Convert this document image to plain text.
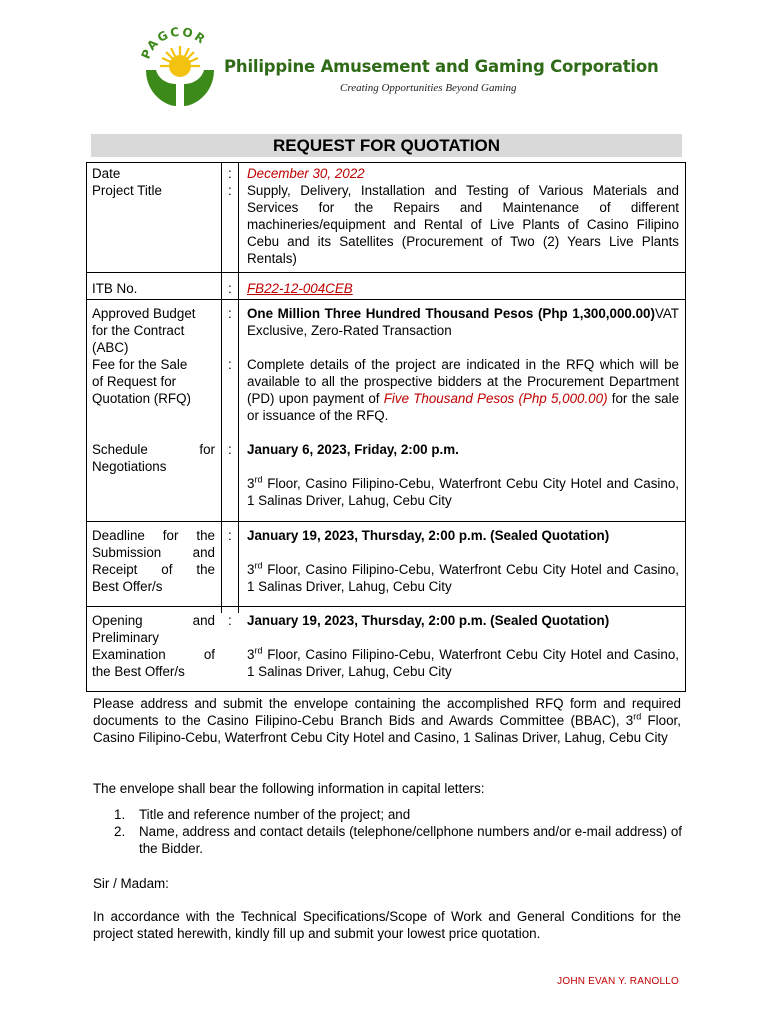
PAGCOR
Philippine Amusement and Gaming Corporation
Creating Opportunities Beyond Gaming
REQUEST FOR QUOTATION
Date	: December 30, 2022
Project Title	: Supply, Delivery, Installation and Testing of Various Materials and Services for the Repairs and Maintenance of different machineries/equipment and Rental of Live Plants of Casino Filipino Cebu and its Satellites (Procurement of Two (2) Years Live Plants Rentals)
ITB No.	: FB22-12-004CEB
Approved Budget
for the Contract
(ABC)
: One Million Three Hundred Thousand Pesos (Php 1,300,000.00)VAT Exclusive, Zero-Rated Transaction
Fee for the Sale
of Request for
Quotation (RFQ)
: Complete details of the project are indicated in the RFQ which will be available to all the prospective bidders at the Procurement Department (PD) upon payment of Five Thousand Pesos (Php 5,000.00) for the sale or issuance of the RFQ.
Schedule for
Negotiations
: January 6, 2023, Friday, 2:00 p.m.
3rd Floor, Casino Filipino-Cebu, Waterfront Cebu City Hotel and Casino, 1 Salinas Driver, Lahug, Cebu City
Deadline for the
Submission and
Receipt of the
Best Offer/s
: January 19, 2023, Thursday, 2:00 p.m. (Sealed Quotation)
3rd Floor, Casino Filipino-Cebu, Waterfront Cebu City Hotel and Casino, 1 Salinas Driver, Lahug, Cebu City
Opening and
Preliminary
Examination of
the Best Offer/s
: January 19, 2023, Thursday, 2:00 p.m. (Sealed Quotation)
3rd Floor, Casino Filipino-Cebu, Waterfront Cebu City Hotel and Casino, 1 Salinas Driver, Lahug, Cebu City
Please address and submit the envelope containing the accomplished RFQ form and required documents to the Casino Filipino-Cebu Branch Bids and Awards Committee (BBAC), 3rd Floor, Casino Filipino-Cebu, Waterfront Cebu City Hotel and Casino, 1 Salinas Driver, Lahug, Cebu City
The envelope shall bear the following information in capital letters:
1. Title and reference number of the project; and
2. Name, address and contact details (telephone/cellphone numbers and/or e-mail address) of the Bidder.
Sir / Madam:
In accordance with the Technical Specifications/Scope of Work and General Conditions for the project stated herewith, kindly fill up and submit your lowest price quotation.
JOHN EVAN Y. RANOLLO
